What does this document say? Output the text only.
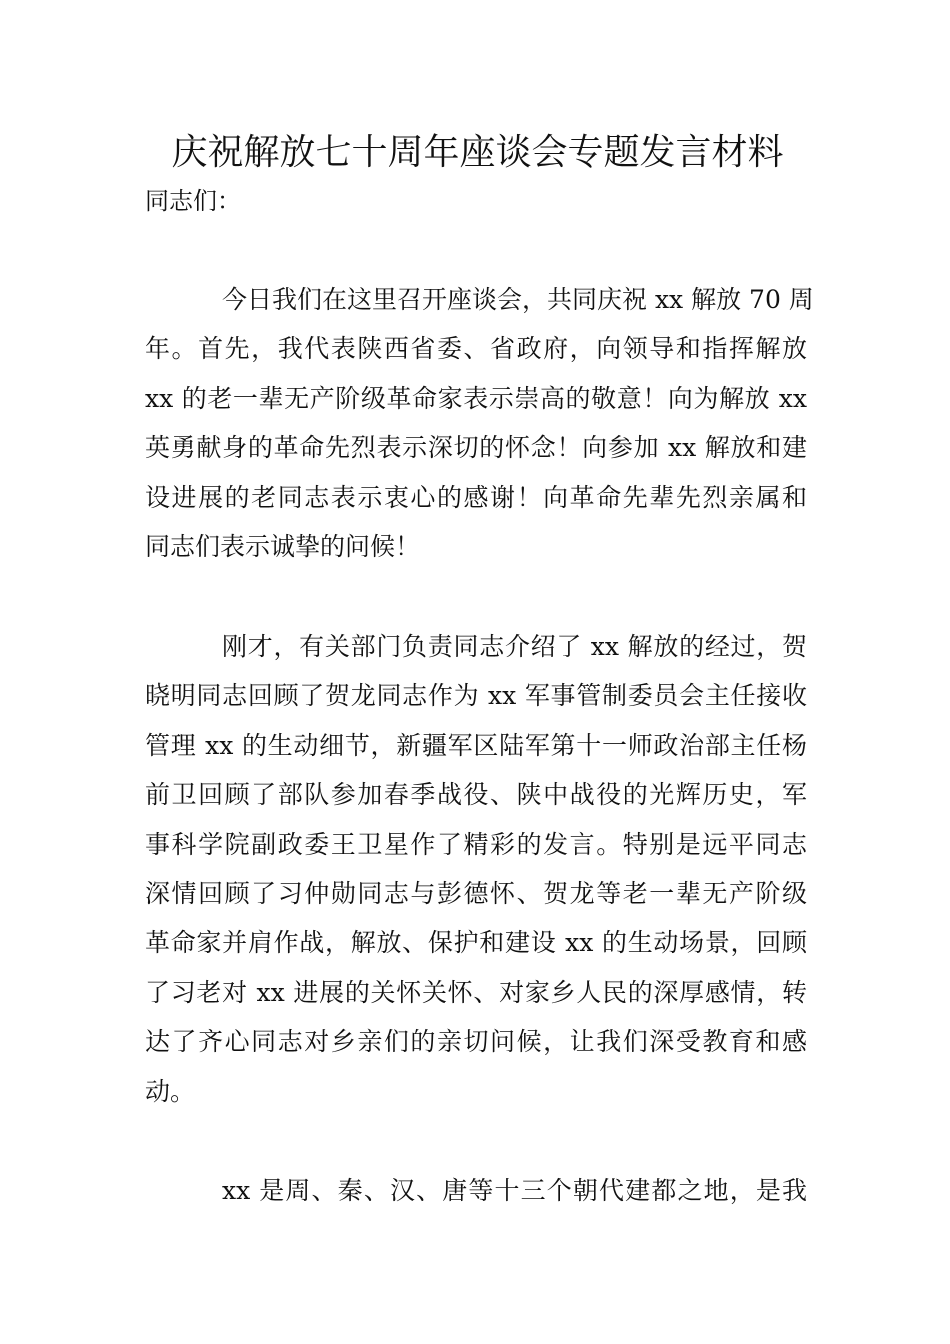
庆祝解放七十周年座谈会专题发言材料
同志们：
今日我们在这里召开座谈会，共同庆祝 xx 解放 70 周
年。首先，我代表陕西省委、省政府，向领导和指挥解放
xx 的老一辈无产阶级革命家表示崇高的敬意！向为解放 xx
英勇献身的革命先烈表示深切的怀念！向参加 xx 解放和建
设进展的老同志表示衷心的感谢！向革命先辈先烈亲属和
同志们表示诚挚的问候！
刚才，有关部门负责同志介绍了 xx 解放的经过，贺
晓明同志回顾了贺龙同志作为 xx 军事管制委员会主任接收
管理 xx 的生动细节，新疆军区陆军第十一师政治部主任杨
前卫回顾了部队参加春季战役、陕中战役的光辉历史，军
事科学院副政委王卫星作了精彩的发言。特别是远平同志
深情回顾了习仲勋同志与彭德怀、贺龙等老一辈无产阶级
革命家并肩作战，解放、保护和建设 xx 的生动场景，回顾
了习老对 xx 进展的关怀关怀、对家乡人民的深厚感情，转
达了齐心同志对乡亲们的亲切问候，让我们深受教育和感
动。
xx 是周、秦、汉、唐等十三个朝代建都之地，是我
